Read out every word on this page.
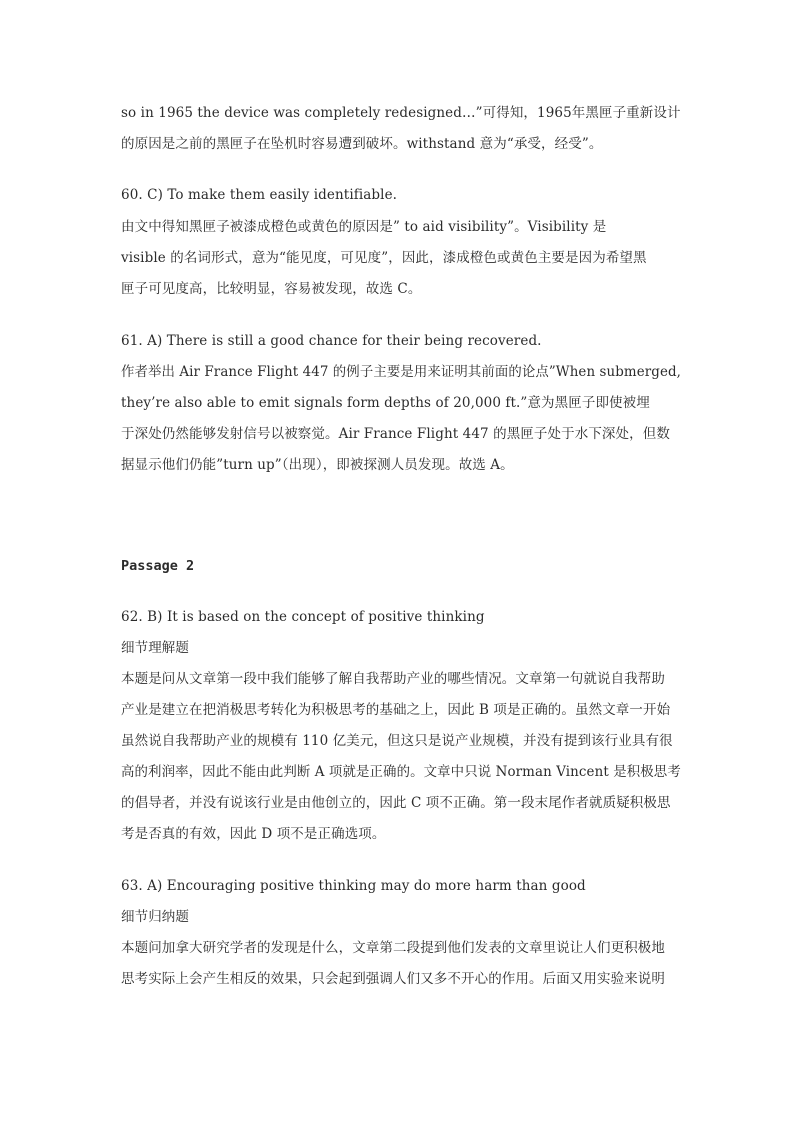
so in 1965 the device was completely redesigned…”可得知，1965年黑匣子重新设计
的原因是之前的黑匣子在坠机时容易遭到破坏。withstand 意为“承受，经受”。
60. C) To make them easily identifiable.
由文中得知黑匣子被漆成橙色或黄色的原因是” to aid visibility”。Visibility 是
visible 的名词形式，意为“能见度，可见度”，因此，漆成橙色或黄色主要是因为希望黑
匣子可见度高，比较明显，容易被发现，故选 C。
61. A) There is still a good chance for their being recovered.
作者举出 Air France Flight 447 的例子主要是用来证明其前面的论点”When submerged,
they’re also able to emit signals form depths of 20,000 ft.”意为黑匣子即使被埋
于深处仍然能够发射信号以被察觉。Air France Flight 447 的黑匣子处于水下深处，但数
据显示他们仍能”turn up”（出现），即被探测人员发现。故选 A。
Passage 2
62. B) It is based on the concept of positive thinking
细节理解题
本题是问从文章第一段中我们能够了解自我帮助产业的哪些情况。文章第一句就说自我帮助
产业是建立在把消极思考转化为积极思考的基础之上，因此 B 项是正确的。虽然文章一开始
虽然说自我帮助产业的规模有 110 亿美元，但这只是说产业规模，并没有提到该行业具有很
高的利润率，因此不能由此判断 A 项就是正确的。文章中只说 Norman Vincent 是积极思考
的倡导者，并没有说该行业是由他创立的，因此 C 项不正确。第一段末尾作者就质疑积极思
考是否真的有效，因此 D 项不是正确选项。
63. A) Encouraging positive thinking may do more harm than good
细节归纳题
本题问加拿大研究学者的发现是什么，文章第二段提到他们发表的文章里说让人们更积极地
思考实际上会产生相反的效果，只会起到强调人们又多不开心的作用。后面又用实验来说明
